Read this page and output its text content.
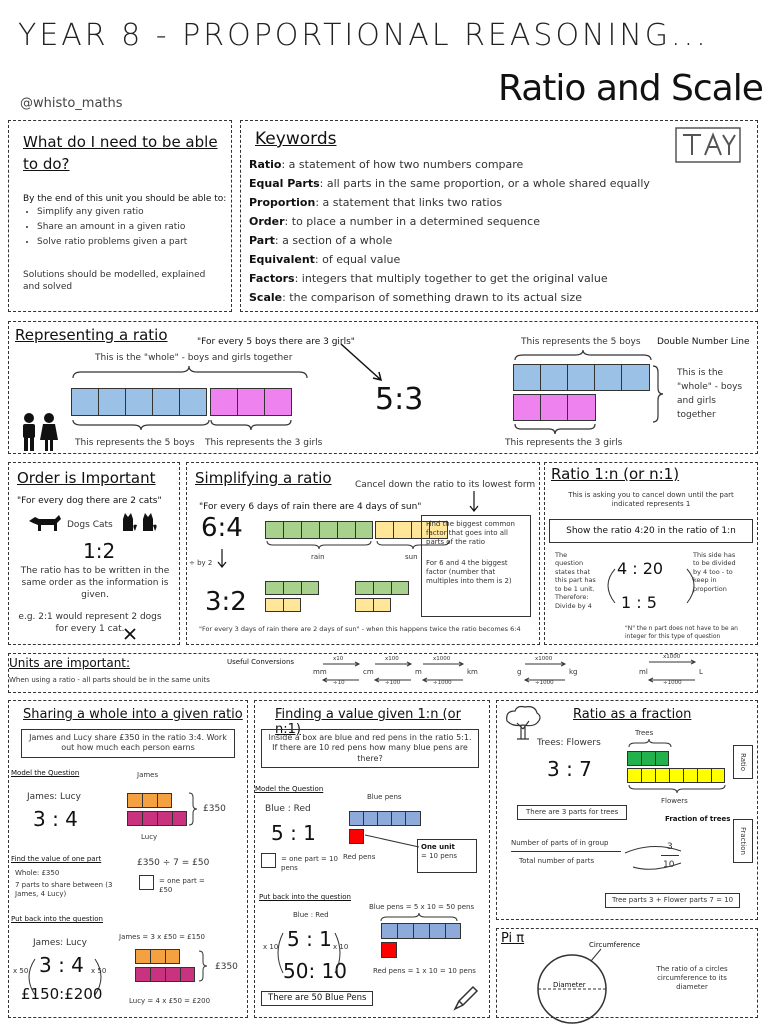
YEAR 8 - PROPORTIONAL REASONING...
Ratio and Scale
@whisto_maths
What do I need to be able to do?
By the end of this unit you should be able to:
• Simplify any given ratio
• Share an amount in a given ratio
• Solve ratio problems given a part
Solutions should be modelled, explained and solved
Keywords
Ratio: a statement of how two numbers compare
Equal Parts: all parts in the same proportion, or a whole shared equally
Proportion: a statement that links two ratios
Order: to place a number in a determined sequence
Part: a section of a whole
Equivalent: of equal value
Factors: integers that multiply together to get the original value
Scale: the comparison of something drawn to its actual size
Representing a ratio	"For every 5 boys there are 3 girls"
This is the "whole" - boys and girls together
This represents the 5 boys This represents the 3 girls
5:3
This represents the 5 boys Double Number Line
This represents the 3 girls
This is the "whole" - boys and girls together
Order is Important
"For every dog there are 2 cats"
Dogs Cats
1:2
The ratio has to be written in the same order as the information is given.
e.g. 2:1 would represent 2 dogs for every 1 cat.
Simplifying a ratio	Cancel down the ratio to its lowest form
"For every 6 days of rain there are 4 days of sun"
6:4
÷ by 2
3:2
rain	sun
Find the biggest common factor that goes into all parts of the ratio
For 6 and 4 the biggest factor (number that multiples into them is 2)
"For every 3 days of rain there are 2 days of sun" - when this happens twice the ratio becomes 6:4
Ratio 1:n (or n:1)
This is asking you to cancel down until the part indicated represents 1
Show the ratio 4:20 in the ratio of 1:n
The question states that this part has to be 1 unit. Therefore: Divide by 4
This side has to be divided by 4 too - to keep in proportion
4 : 20
1 : 5
"N" the n part does not have to be an integer for this type of question
Units are important:
When using a ratio - all parts should be in the same units
Useful Conversions
mm	cm	m	km	g	kg	ml	L
x10	x100	x1000	x1000	x1000
÷10	÷100	÷1000	÷1000	÷1000
Sharing a whole into a given ratio
James and Lucy share £350 in the ratio 3:4. Work out how much each person earns
Model the Question
James: Lucy
3 : 4
James
£350
Lucy
£350 ÷ 7 = £50
Find the value of one part
Whole: £350
7 parts to share between (3 James, 4 Lucy)
= one part = £50
Put back into the question
James: Lucy
3 : 4
x 50	x 50
£150:£200
James = 3 x £50 = £150
£350
Lucy = 4 x £50 = £200
Finding a value given 1:n (or n:1)
Inside a box are blue and red pens in the ratio 5:1. If there are 10 red pens how many blue pens are there?
Model the Question
Blue : Red
5 : 1
Blue pens
Red pens
One unit
= 10 pens
= one part = 10 pens
Put back into the question
Blue : Red
5 : 1
50: 10
x 10	x 10
Blue pens = 5 x 10 = 50 pens
Red pens = 1 x 10 = 10 pens
There are 50 Blue Pens
Ratio as a fraction
Trees: Flowers
3 : 7
Trees
Flowers
Ratio
There are 3 parts for trees
Fraction of trees
Number of parts of in group
Total number of parts
3
10
Fraction
Tree parts 3 + Flower parts 7 = 10
Pi π	Circumference
Diameter
The ratio of a circles circumference to its diameter
